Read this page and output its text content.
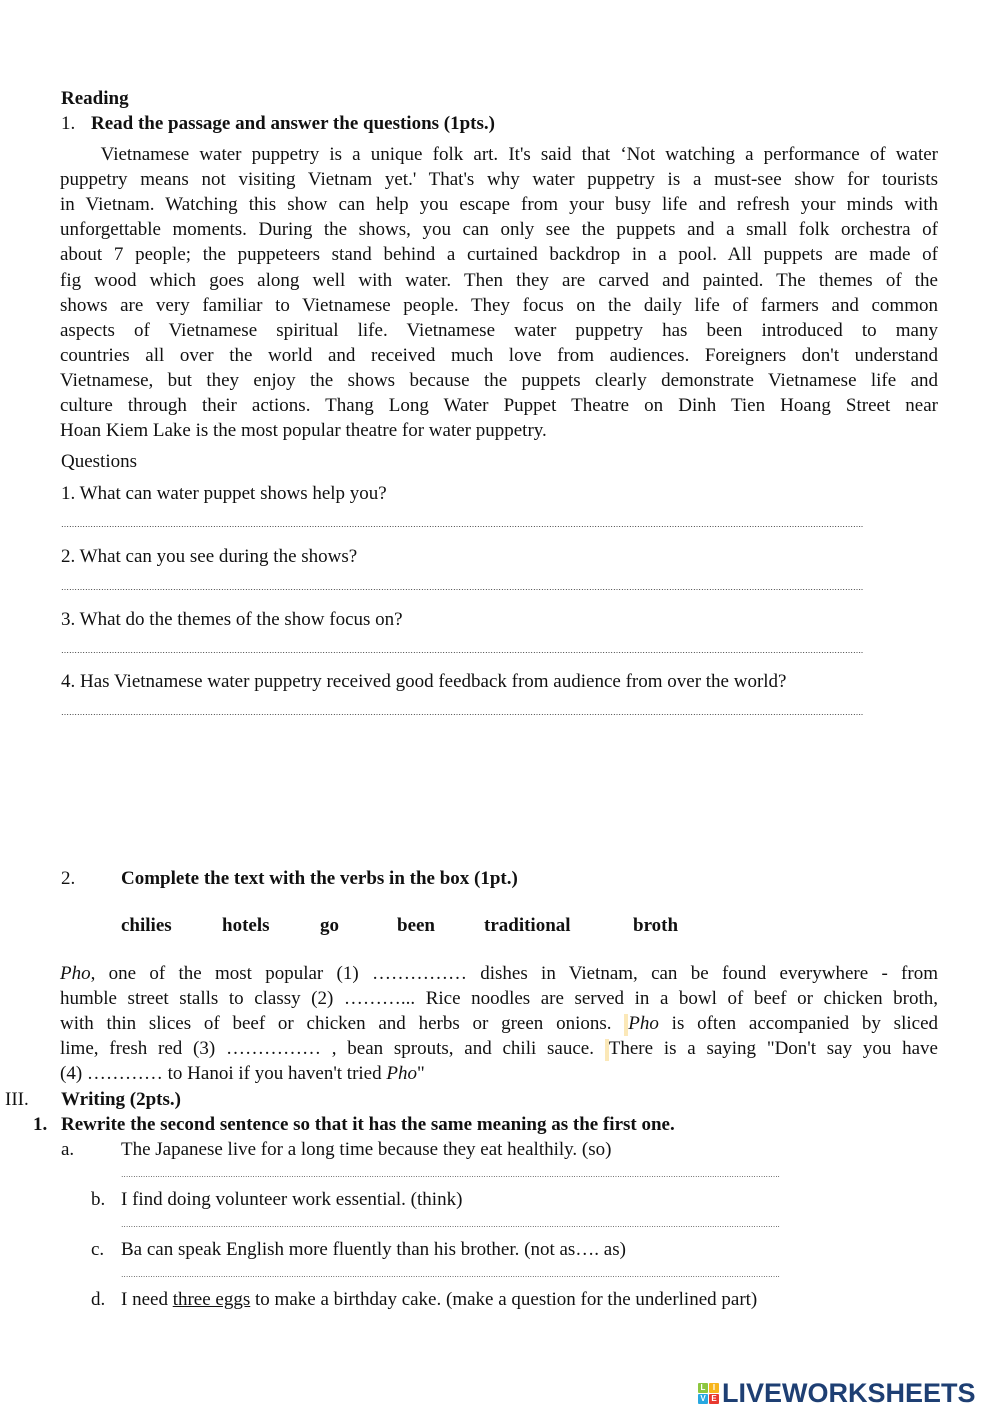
Reading
1. Read the passage and answer the questions (1pts.)
Vietnamese water puppetry is a unique folk art. It's said that ‘Not watching a performance of water
puppetry means not visiting Vietnam yet.' That's why water puppetry is a must-see show for tourists
in Vietnam. Watching this show can help you escape from your busy life and refresh your minds with
unforgettable moments. During the shows, you can only see the puppets and a small folk orchestra of
about 7 people; the puppeteers stand behind a curtained backdrop in a pool. All puppets are made of
fig wood which goes along well with water. Then they are carved and painted. The themes of the
shows are very familiar to Vietnamese people. They focus on the daily life of farmers and common
aspects of Vietnamese spiritual life. Vietnamese water puppetry has been introduced to many
countries all over the world and received much love from audiences. Foreigners don't understand
Vietnamese, but they enjoy the shows because the puppets clearly demonstrate Vietnamese life and
culture through their actions. Thang Long Water Puppet Theatre on Dinh Tien Hoang Street near
Hoan Kiem Lake is the most popular theatre for water puppetry.
Questions
1. What can water puppet shows help you?
………………………………………………………………………………………………………………………………………………………………………………………………………………………………………………………………………….
2. What can you see during the shows?
………………………………………………………………………………………………………………………………………………………………………………………………………………………………………………………………………….
3. What do the themes of the show focus on?
………………………………………………………………………………………………………………………………………………………………………………………………………………………………………………………………………….
4. Has Vietnamese water puppetry received good feedback from audience from over the world?
………………………………………………………………………………………………………………………………………………………………………………………………………………………………………………………………………….
2. Complete the text with the verbs in the box (1pt.)
chilies	hotels	go	been	traditional	broth
Pho, one of the most popular (1) …………… dishes in Vietnam, can be found everywhere - from
humble street stalls to classy (2) ………... Rice noodles are served in a bowl of beef or chicken broth,
with thin slices of beef or chicken and herbs or green onions. Pho is often accompanied by sliced
lime, fresh red (3) …………… , bean sprouts, and chili sauce. There is a saying "Don't say you have
(4) ………… to Hanoi if you haven't tried Pho"
III. Writing (2pts.)
1. Rewrite the second sentence so that it has the same meaning as the first one.
a. The Japanese live for a long time because they eat healthily. (so)
……………………………………………………………………………………………………………………………………………………………………………………………………………………………………………….
b. I find doing volunteer work essential. (think)
……………………………………………………………………………………………………………………………………………………………………………………………………………………………………………….
c. Ba can speak English more fluently than his brother. (not as…. as)
……………………………………………………………………………………………………………………………………………………………………………………………………………………………………………….
d. I need three eggs to make a birthday cake. (make a question for the underlined part)
L I
V E LIVEWORKSHEETS
